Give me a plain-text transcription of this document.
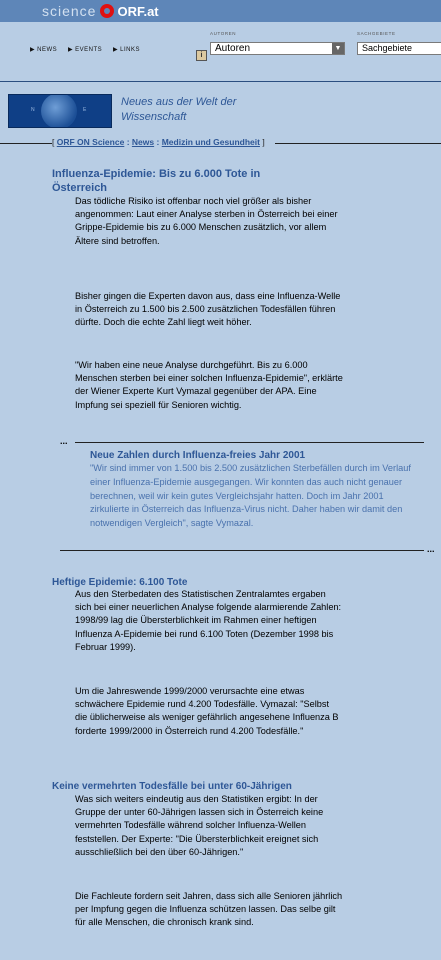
science ORF.at
▶ NEWS ▶ EVENTS ▶ LINKS
AUTOREN	SACHGEBIETE
i
Autoren	▼	Sachgebiete
N	E
Neues aus der Welt der
Wissenschaft
[ ORF ON Science : News : Medizin und Gesundheit ]
Influenza-Epidemie: Bis zu 6.000 Tote in
Österreich
Das tödliche Risiko ist offenbar noch viel größer als bisher angenommen: Laut einer Analyse sterben in Österreich bei einer Grippe-Epidemie bis zu 6.000 Menschen zusätzlich, vor allem Ältere sind betroffen.
Bisher gingen die Experten davon aus, dass eine Influenza-Welle in Österreich zu 1.500 bis 2.500 zusätzlichen Todesfällen führen dürfte. Doch die echte Zahl liegt weit höher.
"Wir haben eine neue Analyse durchgeführt. Bis zu 6.000 Menschen sterben bei einer solchen Influenza-Epidemie", erklärte der Wiener Experte Kurt Vymazal gegenüber der APA. Eine Impfung sei speziell für Senioren wichtig.
...
Neue Zahlen durch Influenza-freies Jahr 2001
"Wir sind immer von 1.500 bis 2.500 zusätzlichen Sterbefällen durch im Verlauf einer Influenza-Epidemie ausgegangen. Wir konnten das auch nicht genauer berechnen, weil wir kein gutes Vergleichsjahr hatten. Doch im Jahr 2001 zirkulierte in Österreich das Influenza-Virus nicht. Daher haben wir damit den notwendigen Vergleich", sagte Vymazal.
...
Heftige Epidemie: 6.100 Tote
Aus den Sterbedaten des Statistischen Zentralamtes ergaben sich bei einer neuerlichen Analyse folgende alarmierende Zahlen: 1998/99 lag die Übersterblichkeit im Rahmen einer heftigen Influenza A-Epidemie bei rund 6.100 Toten (Dezember 1998 bis Februar 1999).
Um die Jahreswende 1999/2000 verursachte eine etwas schwächere Epidemie rund 4.200 Todesfälle. Vymazal: "Selbst die üblicherweise als weniger gefährlich angesehene Influenza B forderte 1999/2000 in Österreich rund 4.200 Todesfälle."
Keine vermehrten Todesfälle bei unter 60-Jährigen
Was sich weiters eindeutig aus den Statistiken ergibt: In der Gruppe der unter 60-Jährigen lassen sich in Österreich keine vermehrten Todesfälle während solcher Influenza-Wellen feststellen. Der Experte: "Die Übersterblichkeit ereignet sich ausschließlich bei den über 60-Jährigen."
Die Fachleute fordern seit Jahren, dass sich alle Senioren jährlich per Impfung gegen die Influenza schützen lassen. Das selbe gilt für alle Menschen, die chronisch krank sind.
